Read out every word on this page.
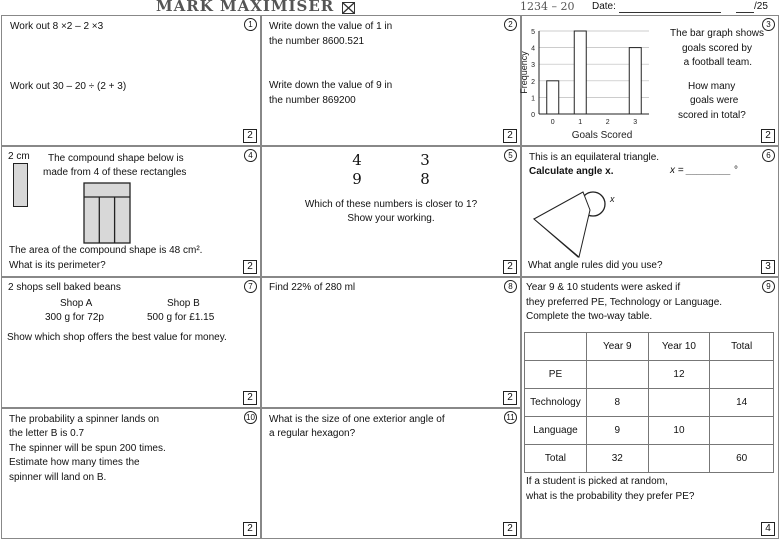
MARK MAXIMISER	1234 – 20 Date:	/25
1
Work out 8 ×2 – 2 ×3
Work out 30 – 20 ÷ (2 + 3)
2
2
Write down the value of 1 in
the number 8600.521
Write down the value of 9 in
the number 869200
2
3
0
1
2
3
4
5
0	1	2	3
Frequency
Goals Scored
The bar graph shows
goals scored by
a football team.
How many
goals were
scored in total?
2
4
2 cm The compound shape below is
made from 4 of these rectangles
The area of the compound shape is 48 cm².
What is its perimeter?	2
5
4
9
3
8
Which of these numbers is closer to 1?
Show your working.
2
6
This is an equilateral triangle.
Calculate angle x.	x = ________ °
x
What angle rules did you use?	3
7
2 shops sell baked beans
Shop A
300 g for 72p
Shop B
500 g for £1.15
Show which shop offers the best value for money.
2
8
Find 22% of 280 ml
2
9
Year 9 & 10 students were asked if
they preferred PE, Technology or Language.
Complete the two-way table.
	Year 9	Year 10	Total
PE		12	
Technology	8		14
Language	9	10	
Total	32		60
If a student is picked at random,
what is the probability they prefer PE?
4
10
The probability a spinner lands on
the letter B is 0.7
The spinner will be spun 200 times.
Estimate how many times the
spinner will land on B.
2
11
What is the size of one exterior angle of
a regular hexagon?
2
